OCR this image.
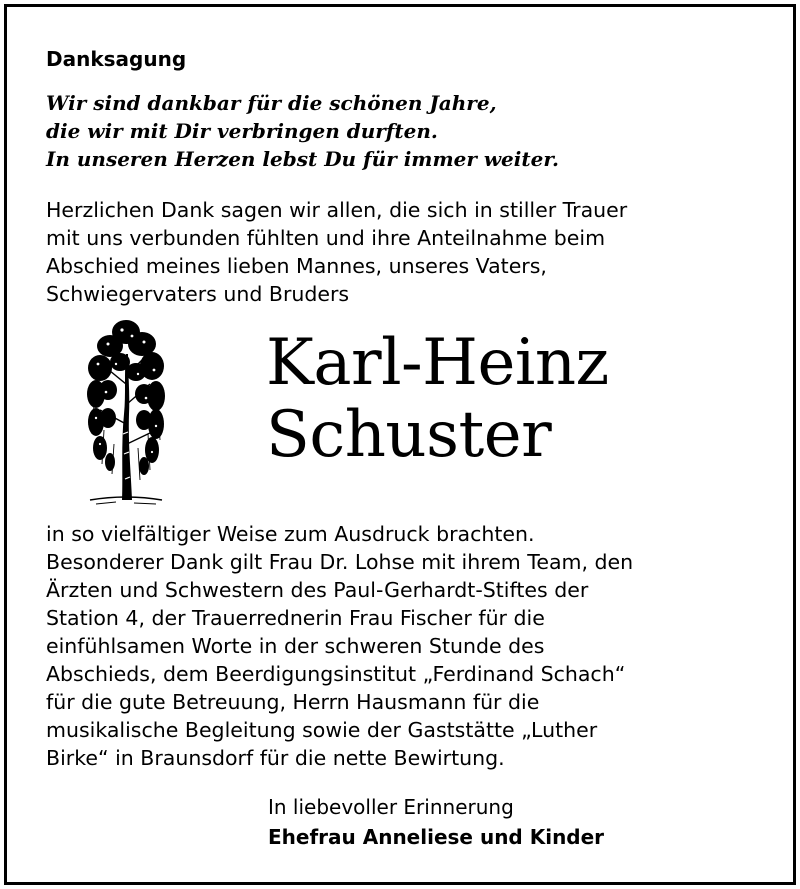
Danksagung
Wir sind dankbar für die schönen Jahre,
die wir mit Dir verbringen durften.
In unseren Herzen lebst Du für immer weiter.
Herzlichen Dank sagen wir allen, die sich in stiller Trauer
mit uns verbunden fühlten und ihre Anteilnahme beim
Abschied meines lieben Mannes, unseres Vaters,
Schwiegervaters und Bruders
Karl-Heinz
Schuster
in so vielfältiger Weise zum Ausdruck brachten.
Besonderer Dank gilt Frau Dr. Lohse mit ihrem Team, den
Ärzten und Schwestern des Paul-Gerhardt-Stiftes der
Station 4, der Trauerrednerin Frau Fischer für die
einfühlsamen Worte in der schweren Stunde des
Abschieds, dem Beerdigungsinstitut „Ferdinand Schach“
für die gute Betreuung, Herrn Hausmann für die
musikalische Begleitung sowie der Gaststätte „Luther
Birke“ in Braunsdorf für die nette Bewirtung.
In liebevoller Erinnerung
Ehefrau Anneliese und Kinder
